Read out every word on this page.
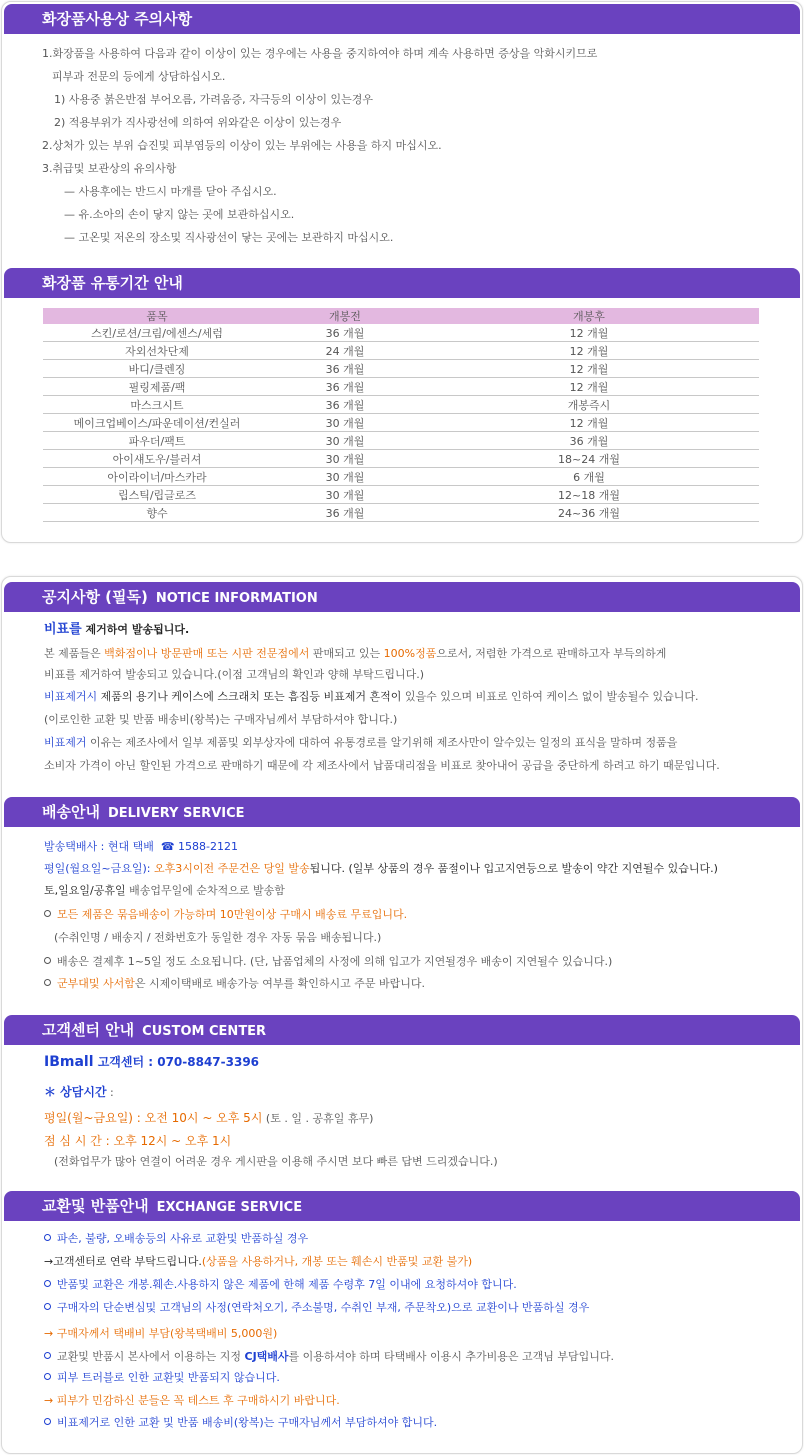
화장품사용상 주의사항
1.화장품을 사용하여 다음과 같이 이상이 있는 경우에는 사용을 중지하여야 하며 계속 사용하면 증상을 악화시키므로
피부과 전문의 등에게 상담하십시오.
1) 사용중 붉은반점 부어오름, 가려움증, 자극등의 이상이 있는경우
2) 적용부위가 직사광선에 의하여 위와같은 이상이 있는경우
2.상처가 있는 부위 습진및 피부염등의 이상이 있는 부위에는 사용을 하지 마십시오.
3.취급및 보관상의 유의사항
— 사용후에는 반드시 마개를 닫아 주십시오.
— 유.소아의 손이 닿지 않는 곳에 보관하십시오.
— 고온및 저온의 장소및 직사광선이 닿는 곳에는 보관하지 마십시오.
화장품 유통기간 안내
품목	개봉전	개봉후
스킨/로션/크림/에센스/세럼	36 개월	12 개월
자외선차단제	24 개월	12 개월
바디/클렌징	36 개월	12 개월
필링제품/팩	36 개월	12 개월
마스크시트	36 개월	개봉즉시
메이크업베이스/파운데이션/컨실러	30 개월	12 개월
파우더/팩트	30 개월	36 개월
아이섀도우/블러셔	30 개월	18~24 개월
아이라이너/마스카라	30 개월	6 개월
립스틱/립글로즈	30 개월	12~18 개월
향수	36 개월	24~36 개월
공지사항 (필독) NOTICE INFORMATION
비표를 제거하여 발송됩니다.
본 제품들은 백화점이나 방문판매 또는 시판 전문점에서 판매되고 있는 100%정품으로서, 저렴한 가격으로 판매하고자 부득의하게
비표를 제거하여 발송되고 있습니다.(이점 고객님의 확인과 양해 부탁드립니다.)
비표제거시 제품의 용기나 케이스에 스크래치 또는 흠집등 비표제거 흔적이 있을수 있으며 비표로 인하여 케이스 없이 발송될수 있습니다.
(이로인한 교환 및 반품 배송비(왕복)는 구매자님께서 부담하셔야 합니다.)
비표제거 이유는 제조사에서 일부 제품및 외부상자에 대하여 유통경로를 알기위해 제조사만이 알수있는 일정의 표식을 말하며 정품을
소비자 가격이 아닌 할인된 가격으로 판매하기 때문에 각 제조사에서 납품대리점을 비표로 찾아내어 공급을 중단하게 하려고 하기 때문입니다.
배송안내 DELIVERY SERVICE
발송택배사 : 현대 택배 ☎ 1588-2121
평일(월요일~금요일): 오후3시이전 주문건은 당일 발송됩니다. (일부 상품의 경우 품절이나 입고지연등으로 발송이 약간 지연될수 있습니다.)
토,일요일/공휴일 배송업무일에 순차적으로 발송함
모든 제품은 묶음배송이 가능하며 10만원이상 구매시 배송료 무료입니다.
(수취인명 / 배송지 / 전화번호가 동일한 경우 자동 묶음 배송됩니다.)
배송은 결제후 1~5일 정도 소요됩니다. (단, 납품업체의 사정에 의해 입고가 지연될경우 배송이 지연될수 있습니다.)
군부대및 사서함은 시제이택배로 배송가능 여부를 확인하시고 주문 바랍니다.
고객센터 안내 CUSTOM CENTER
IBmall 고객센터 : 070-8847-3396
＊ 상담시간 :
평일(월~금요일) : 오전 10시 ~ 오후 5시 (토 . 일 . 공휴일 휴무)
점 심 시 간 : 오후 12시 ~ 오후 1시
(전화업무가 많아 연결이 어려운 경우 게시판을 이용해 주시면 보다 빠른 답변 드리겠습니다.)
교환및 반품안내 EXCHANGE SERVICE
파손, 불량, 오배송등의 사유로 교환및 반품하실 경우
→고객센터로 연락 부탁드립니다.(상품을 사용하거나, 개봉 또는 훼손시 반품및 교환 불가)
반품및 교환은 개봉.훼손.사용하지 않은 제품에 한해 제품 수령후 7일 이내에 요청하셔야 합니다.
구매자의 단순변심및 고객님의 사정(연락처오기, 주소불명, 수취인 부재, 주문착오)으로 교환이나 반품하실 경우
→ 구매자께서 택배비 부담(왕복택배비 5,000원)
교환및 반품시 본사에서 이용하는 지정 CJ택배사를 이용하셔야 하며 타택배사 이용시 추가비용은 고객님 부담입니다.
피부 트러블로 인한 교환및 반품되지 않습니다.
→ 피부가 민감하신 분들은 꼭 테스트 후 구매하시기 바랍니다.
비표제거로 인한 교환 및 반품 배송비(왕복)는 구매자님께서 부담하셔야 합니다.
